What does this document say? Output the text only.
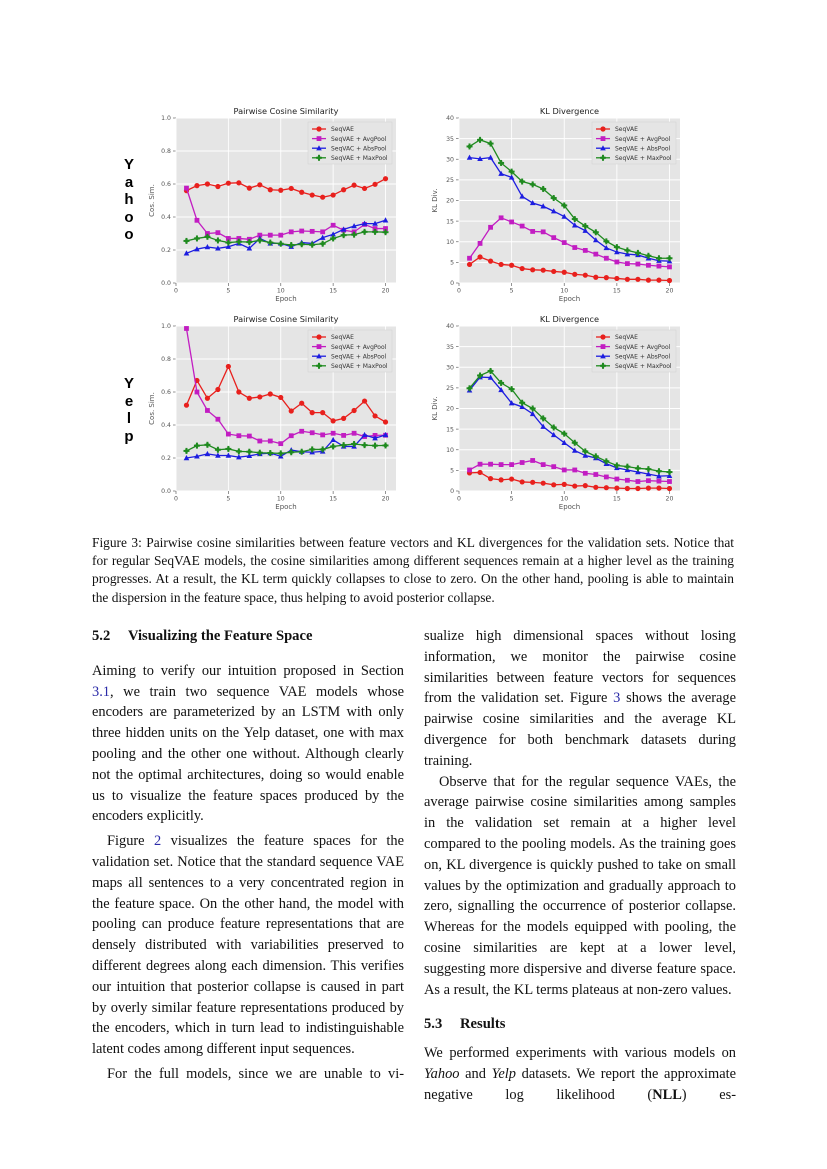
Y
a
h
o
o
Y
e
l
p
0.0
0.2
0.4
0.6
0.8
1.0
0	5	10	15	20
Pairwise Cosine Similarity
Epoch
Cos. Sim.
SeqVAE
SeqVAE + AvgPool
SeqVAC + AbsPool
SeqVAE + MaxPool
0
5
10
15
20
25
30
35
40
0	5	10	15	20
KL Divergence
Epoch
KL Div.
SeqVAE
SeqVAE + AvgPool
SeqVAE + AbsPool
SeqVAE + MaxPool
0.0
0.2
0.4
0.6
0.8
1.0
0	5	10	15	20
Pairwise Cosine Similarity
Epoch
Cos. Sim.
SeqVAE
SeqVAE + AvgPool
SeqVAE + AbsPool
SeqVAE + MaxPool
0
5
10
15
20
25
30
35
40
0	5	10	15	20
KL Divergence
Epoch
KL Div.
SeqVAE
SeqVAE + AvgPool
SeqVAE + AbsPool
SeqVAE + MaxPool
Figure 3: Pairwise cosine similarities between feature vectors and KL divergences for the validation sets. Notice that for regular SeqVAE models, the cosine similarities among different sequences remain at a higher level as the training progresses. At a result, the KL term quickly collapses to close to zero. On the other hand, pooling is able to maintain the dispersion in the feature space, thus helping to avoid posterior collapse.
5.2 Visualizing the Feature Space

Aiming to verify our intuition proposed in Section 3.1, we train two sequence VAE models whose encoders are parameterized by an LSTM with only three hidden units on the Yelp dataset, one with max pooling and the other one without. Although clearly not the optimal architectures, doing so would enable us to visualize the feature spaces produced by the encoders explicitly.

Figure 2 visualizes the feature spaces for the validation set. Notice that the standard sequence VAE maps all sentences to a very concentrated region in the feature space. On the other hand, the model with pooling can produce feature representations that are densely distributed with variabilities preserved to different degrees along each dimension. This verifies our intuition that posterior collapse is caused in part by overly similar feature representations produced by the encoders, which in turn lead to indistinguishable latent codes among different input sequences.

For the full models, since we are unable to vi-

sualize high dimensional spaces without losing information, we monitor the pairwise cosine similarities between feature vectors for sequences from the validation set. Figure 3 shows the average pairwise cosine similarities and the average KL divergence for both benchmark datasets during training.

Observe that for the regular sequence VAEs, the average pairwise cosine similarities among samples in the validation set remain at a higher level compared to the pooling models. As the training goes on, KL divergence is quickly pushed to take on small values by the optimization and gradually approach to zero, signalling the occurrence of posterior collapse. Whereas for the models equipped with pooling, the cosine similarities are kept at a lower level, suggesting more dispersive and diverse feature space. As a result, the KL terms plateaus at non-zero values.

5.3 Results

We performed experiments with various models on Yahoo and Yelp datasets. We report the approximate negative log likelihood (NLL) es-
